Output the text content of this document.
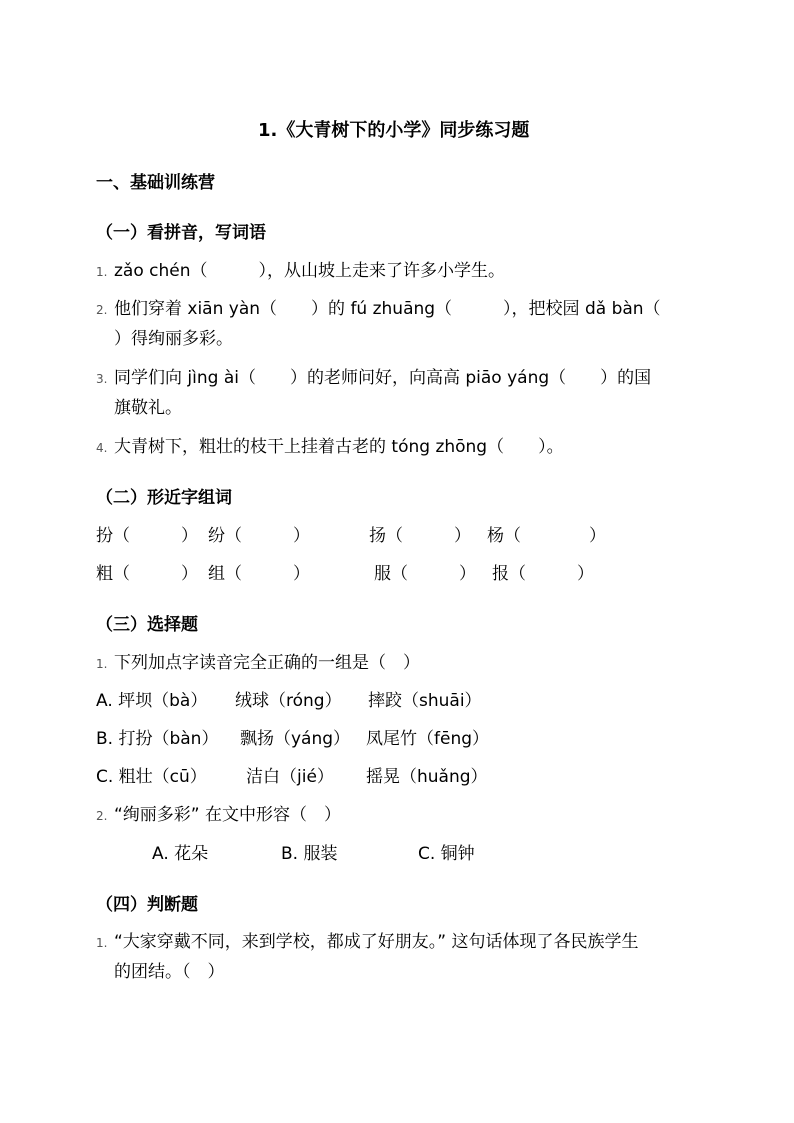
1.《大青树下的小学》同步练习题
一、基础训练营
（一）看拼音，写词语
1. zǎo chén（　　　），从山坡上走来了许多小学生。
2. 他们穿着 xiān yàn（　　）的 fú zhuāng（　　　），把校园 dǎ bàn（
）得绚丽多彩。
3. 同学们向 jìng ài（　　）的老师问好，向高高 piāo yáng（　　）的国
旗敬礼。
4. 大青树下，粗壮的枝干上挂着古老的 tóng zhōng（　　）。
（二）形近字组词
扮（　　　） 纷（　　　）	扬（　　　） 杨（　　　　）
粗（　　　） 组（　　　）	服（　　　） 报（　　　）
（三）选择题
1. 下列加点字读音完全正确的一组是（　）
A. 坪坝（bà） 绒球（róng） 摔跤（shuāi）
B. 打扮（bàn） 飘扬（yáng） 凤尾竹（fēng）
C. 粗壮（cū） 洁白（jié） 摇晃（huǎng）
2. “绚丽多彩” 在文中形容（　）
A. 花朵	B. 服装	C. 铜钟
（四）判断题
1. “大家穿戴不同，来到学校，都成了好朋友。” 这句话体现了各民族学生
的团结。（　）
